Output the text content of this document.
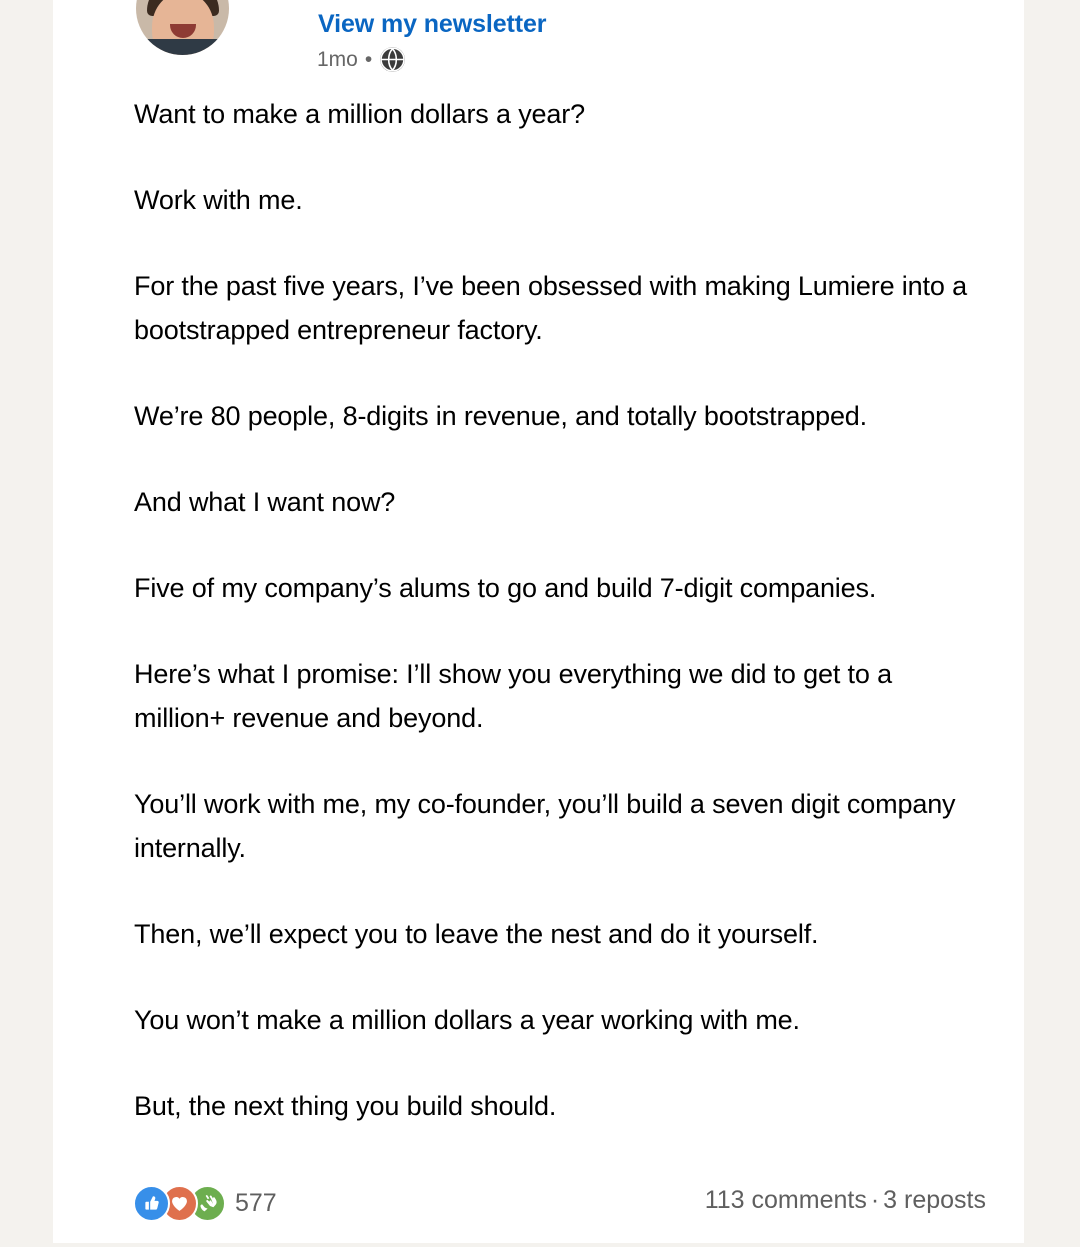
View my newsletter
1mo •

Want to make a million dollars a year?

Work with me.

For the past five years, I’ve been obsessed with making Lumiere into a bootstrapped entrepreneur factory.

We’re 80 people, 8-digits in revenue, and totally bootstrapped.

And what I want now?

Five of my company’s alums to go and build 7-digit companies.

Here’s what I promise: I’ll show you everything we did to get to a million+ revenue and beyond.

You’ll work with me, my co-founder, you’ll build a seven digit company internally.

Then, we’ll expect you to leave the nest and do it yourself.

You won’t make a million dollars a year working with me.

But, the next thing you build should.

577	113 comments · 3 reposts
